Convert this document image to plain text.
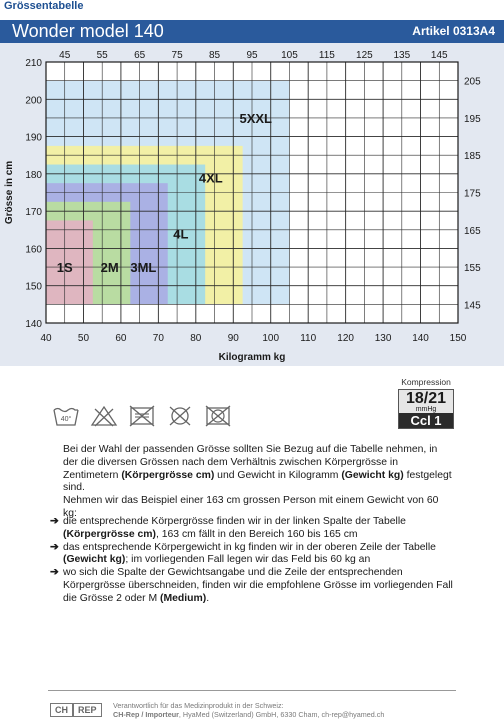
Grössentabelle
Wonder model 140	Artikel 0313A4
5XXL
4XL
4L
3ML
2M
1S
40	50	60	70	80	90 100 110 120 130 140 150
45	55	65	75	85	95 105 115 125 135 145
140
150
160
170
180
190
200
210
145
155
165
175
185
195
205
Kilogramm kg
Grösse in cm
40°
Kompression
18/21
mmHg
Ccl 1
Bei der Wahl der passenden Grösse sollten Sie Bezug auf die Tabelle nehmen, in der die diversen Grössen nach dem Verhältnis zwischen Körpergrösse in Zentimetern (Körpergrösse cm) und Gewicht in Kilogramm (Gewicht kg) festgelegt sind.
Nehmen wir das Beispiel einer 163 cm grossen Person mit einem Gewicht von 60 kg:
➔ die entsprechende Körpergrösse finden wir in der linken Spalte der Tabelle (Körpergrösse cm), 163 cm fällt in den Bereich 160 bis 165 cm
➔ das entsprechende Körpergewicht in kg finden wir in der oberen Zeile der Tabelle (Gewicht kg); im vorliegenden Fall legen wir das Feld bis 60 kg an
➔ wo sich die Spalte der Gewichtsangabe und die Zeile der entsprechenden Körpergrösse überschneiden, finden wir die empfohlene Grösse im vorliegenden Fall die Grösse 2 oder M (Medium).
CH	REP	Verantwortlich für das Medizinprodukt in der Schweiz:
CH-Rep / Importeur, HyaMed (Switzerland) GmbH, 6330 Cham, ch-rep@hyamed.ch
